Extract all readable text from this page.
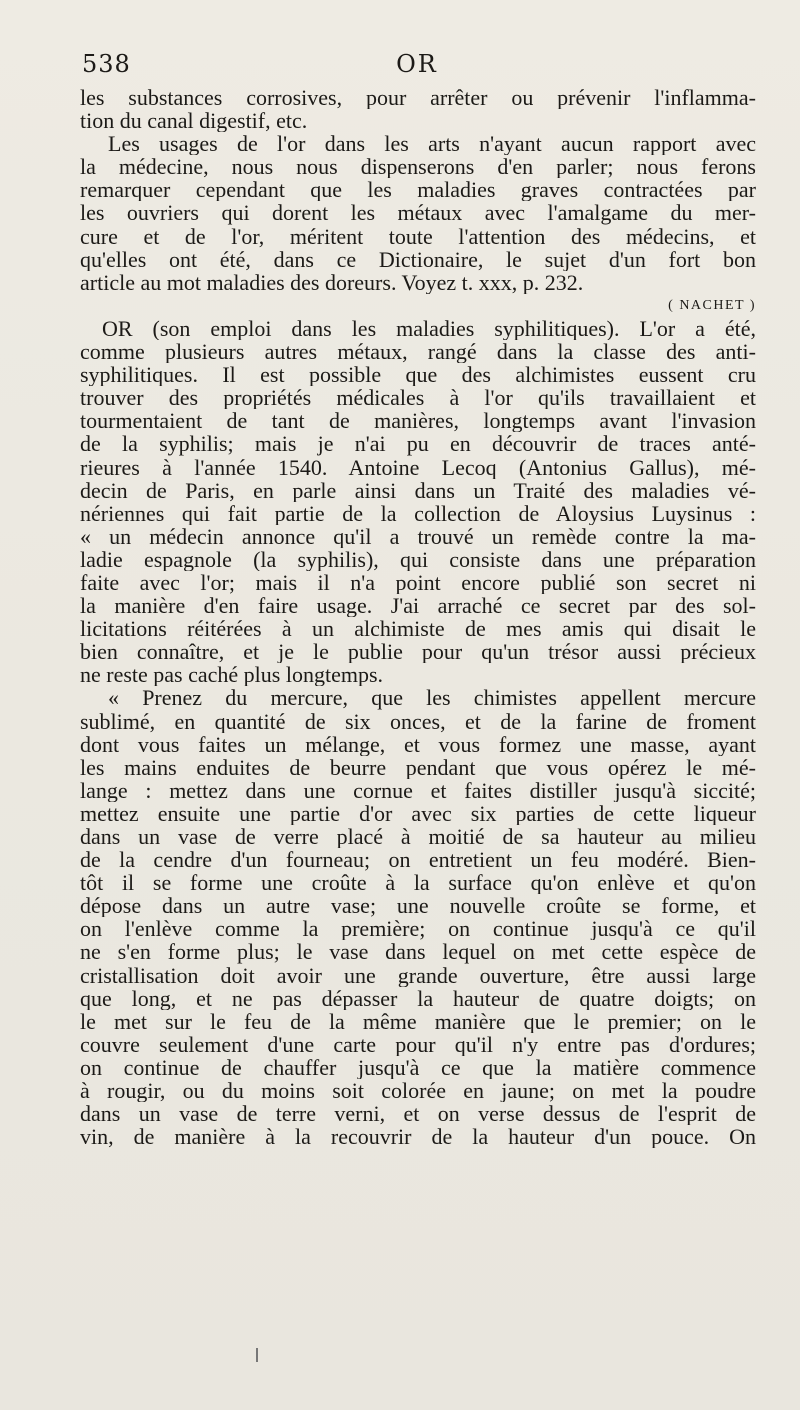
538	OR
les substances corrosives, pour arrêter ou prévenir l'inflamma-
tion du canal digestif, etc.
Les usages de l'or dans les arts n'ayant aucun rapport avec
la médecine, nous nous dispenserons d'en parler; nous ferons
remarquer cependant que les maladies graves contractées par
les ouvriers qui dorent les métaux avec l'amalgame du mer-
cure et de l'or, méritent toute l'attention des médecins, et
qu'elles ont été, dans ce Dictionaire, le sujet d'un fort bon
article au mot maladies des doreurs. Voyez t. xxx, p. 232.
( NACHET )
OR (son emploi dans les maladies syphilitiques). L'or a été,
comme plusieurs autres métaux, rangé dans la classe des anti-
syphilitiques. Il est possible que des alchimistes eussent cru
trouver des propriétés médicales à l'or qu'ils travaillaient et
tourmentaient de tant de manières, longtemps avant l'invasion
de la syphilis; mais je n'ai pu en découvrir de traces anté-
rieures à l'année 1540. Antoine Lecoq (Antonius Gallus), mé-
decin de Paris, en parle ainsi dans un Traité des maladies vé-
nériennes qui fait partie de la collection de Aloysius Luysinus :
« un médecin annonce qu'il a trouvé un remède contre la ma-
ladie espagnole (la syphilis), qui consiste dans une préparation
faite avec l'or; mais il n'a point encore publié son secret ni
la manière d'en faire usage. J'ai arraché ce secret par des sol-
licitations réitérées à un alchimiste de mes amis qui disait le
bien connaître, et je le publie pour qu'un trésor aussi précieux
ne reste pas caché plus longtemps.
« Prenez du mercure, que les chimistes appellent mercure
sublimé, en quantité de six onces, et de la farine de froment
dont vous faites un mélange, et vous formez une masse, ayant
les mains enduites de beurre pendant que vous opérez le mé-
lange : mettez dans une cornue et faites distiller jusqu'à siccité;
mettez ensuite une partie d'or avec six parties de cette liqueur
dans un vase de verre placé à moitié de sa hauteur au milieu
de la cendre d'un fourneau; on entretient un feu modéré. Bien-
tôt il se forme une croûte à la surface qu'on enlève et qu'on
dépose dans un autre vase; une nouvelle croûte se forme, et
on l'enlève comme la première; on continue jusqu'à ce qu'il
ne s'en forme plus; le vase dans lequel on met cette espèce de
cristallisation doit avoir une grande ouverture, être aussi large
que long, et ne pas dépasser la hauteur de quatre doigts; on
le met sur le feu de la même manière que le premier; on le
couvre seulement d'une carte pour qu'il n'y entre pas d'ordures;
on continue de chauffer jusqu'à ce que la matière commence
à rougir, ou du moins soit colorée en jaune; on met la poudre
dans un vase de terre verni, et on verse dessus de l'esprit de
vin, de manière à la recouvrir de la hauteur d'un pouce. On
